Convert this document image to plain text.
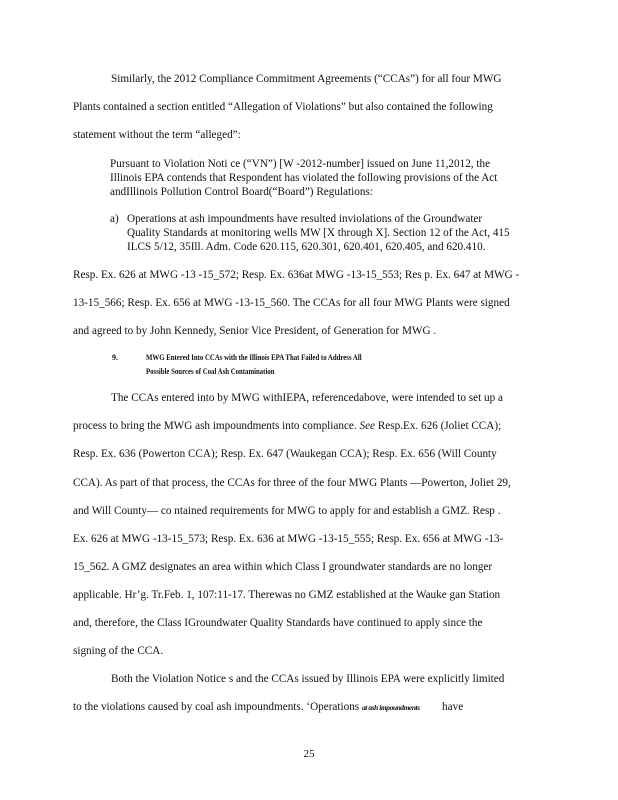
Similarly, the 2012 Compliance Commitment Agreements (“CCAs”) for all four MWG
Plants contained a section entitled “Allegation of Violations” but also contained the following
statement without the term “alleged”:
Pursuant to Violation Noti ce (“VN”) [W -2012-number] issued on June 11,2012, the
Illinois EPA contends that Respondent has violated the following provisions of the Act
andIllinois Pollution Control Board(“Board”) Regulations:
a) Operations at ash impoundments have resulted inviolations of the Groundwater
Quality Standards at monitoring wells MW [X through X]. Section 12 of the Act, 415
ILCS 5/12, 35Ill. Adm. Code 620.115, 620.301, 620.401, 620.405, and 620.410.
Resp. Ex. 626 at MWG -13 -15_572; Resp. Ex. 636at MWG -13-15_553; Res p. Ex. 647 at MWG -
13-15_566; Resp. Ex. 656 at MWG -13-15_560. The CCAs for all four MWG Plants were signed
and agreed to by John Kennedy, Senior Vice President, of Generation for MWG .
9.	MWG Entered Into CCAs with the Illinois EPA That Failed to Address All
Possible Sources of Coal Ash Contamination
The CCAs entered into by MWG withIEPA, referencedabove, were intended to set up a
process to bring the MWG ash impoundments into compliance. See Resp.Ex. 626 (Joliet CCA);
Resp. Ex. 636 (Powerton CCA); Resp. Ex. 647 (Waukegan CCA); Resp. Ex. 656 (Will County
CCA). As part of that process, the CCAs for three of the four MWG Plants —Powerton, Joliet 29,
and Will County— co ntained requirements for MWG to apply for and establish a GMZ. Resp .
Ex. 626 at MWG -13-15_573; Resp. Ex. 636 at MWG -13-15_555; Resp. Ex. 656 at MWG -13-
15_562. A GMZ designates an area within which Class I groundwater standards are no longer
applicable. Hr’g. Tr.Feb. 1, 107:11-17. Therewas no GMZ established at the Wauke gan Station
and, therefore, the Class IGroundwater Quality Standards have continued to apply since the
signing of the CCA.
Both the Violation Notice s and the CCAs issued by Illinois EPA were explicitly limited
to the violations caused by coal ash impoundments. ‘Operations at ash impoundments have
25
